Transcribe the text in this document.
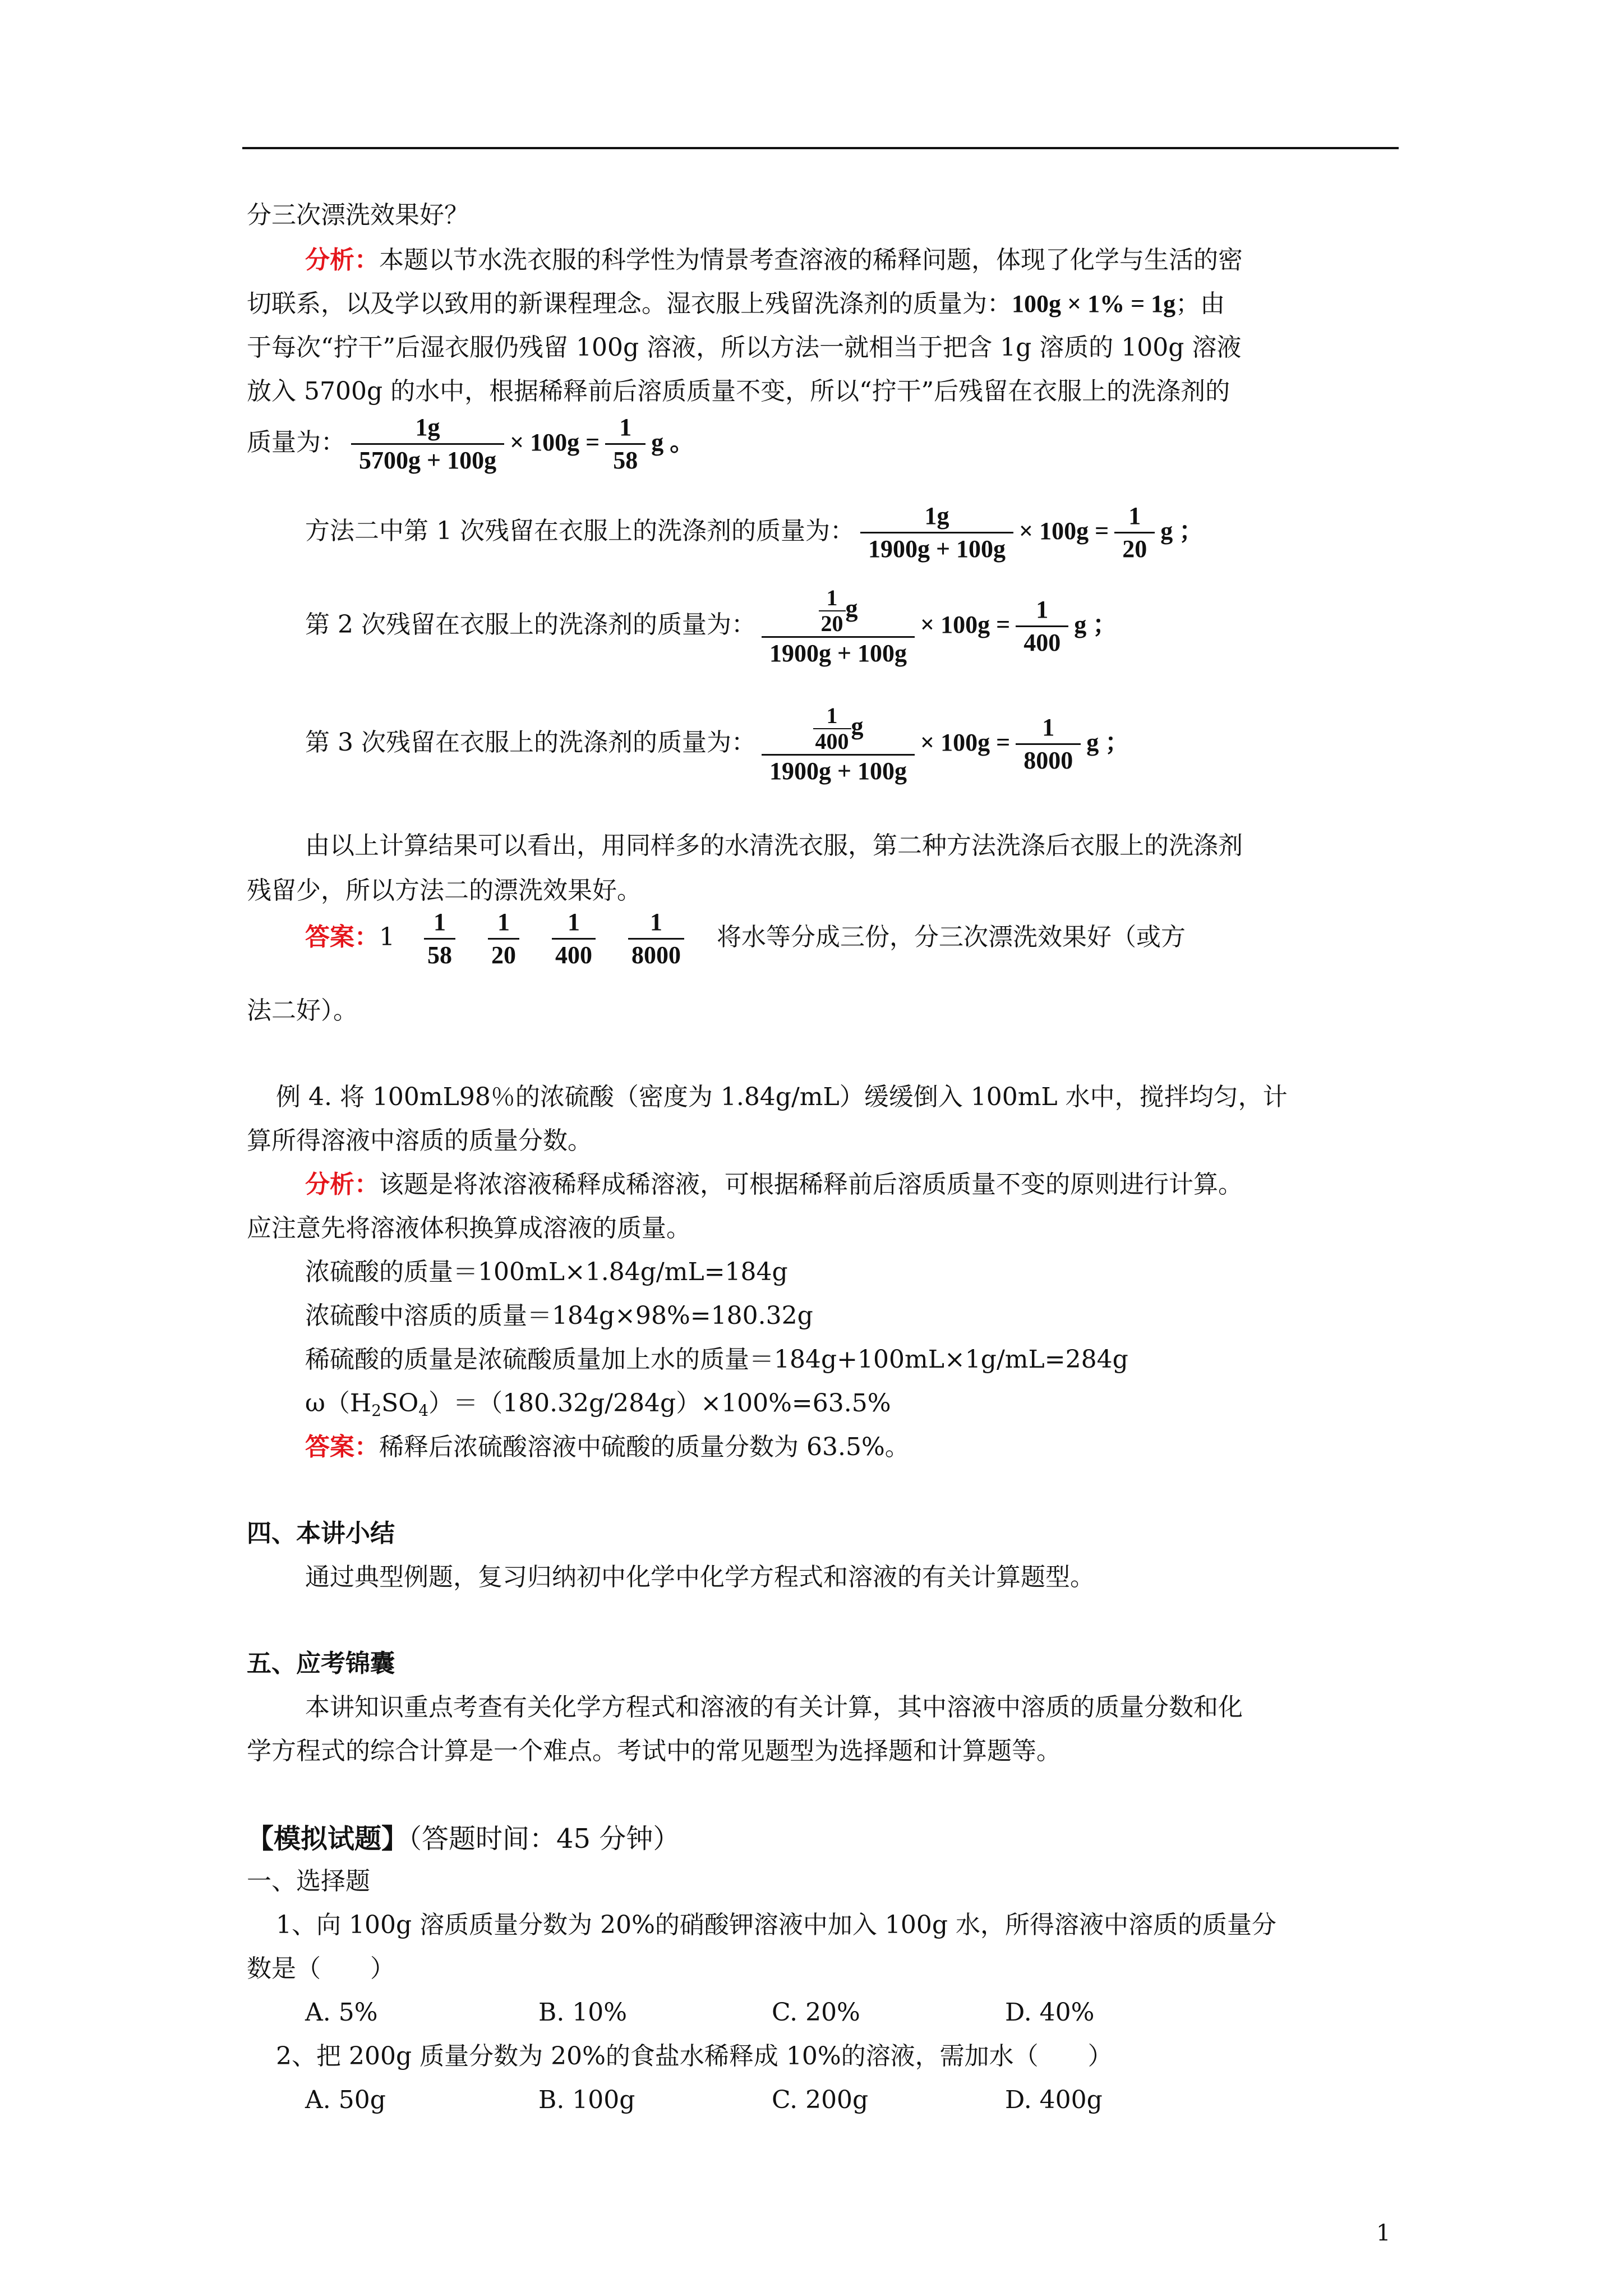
分三次漂洗效果好？
分析：本题以节水洗衣服的科学性为情景考查溶液的稀释问题，体现了化学与生活的密
切联系，以及学以致用的新课程理念。湿衣服上残留洗涤剂的质量为：100g × 1% = 1g；由
于每次“拧干”后湿衣服仍残留 100g 溶液，所以方法一就相当于把含 1g 溶质的 100g 溶液
放入 5700g 的水中，根据稀释前后溶质质量不变，所以“拧干”后残留在衣服上的洗涤剂的
质量为： $\frac{1g}{5700g + 100g} \times 100g = \frac{1}{58}$ g 。
方法二中第 1 次残留在衣服上的洗涤剂的质量为： $\frac{1g}{1900g + 100g} \times 100g = \frac{1}{20}$ g ；
第 2 次残留在衣服上的洗涤剂的质量为： $\frac{\frac{1}{20} g}{1900g + 100g} \times 100g = \frac{1}{400}$ g ；
第 3 次残留在衣服上的洗涤剂的质量为： $\frac{\frac{1}{400} g}{1900g + 100g} \times 100g = \frac{1}{8000}$ g ；
由以上计算结果可以看出，用同样多的水清洗衣服，第二种方法洗涤后衣服上的洗涤剂
残留少，所以方法二的漂洗效果好。
答案：$1 \frac{1}{58} \frac{1}{20} \frac{1}{400} \frac{1}{8000}$ 将水等分成三份，分三次漂洗效果好（或方
法二好）。
例 4. 将 100mL98％的浓硫酸（密度为 1.84g/mL）缓缓倒入 100mL 水中，搅拌均匀，计
算所得溶液中溶质的质量分数。
分析：该题是将浓溶液稀释成稀溶液，可根据稀释前后溶质质量不变的原则进行计算。
应注意先将溶液体积换算成溶液的质量。
浓硫酸的质量＝100mL×1.84g/mL=184g
浓硫酸中溶质的质量＝184g×98%=180.32g
稀硫酸的质量是浓硫酸质量加上水的质量＝184g+100mL×1g/mL=284g
$\omega(H_2SO_4)=(180.32g/284g)\times 100\%=63.5\%$
答案：稀释后浓硫酸溶液中硫酸的质量分数为 63.5%。
四、本讲小结
通过典型例题，复习归纳初中化学中化学方程式和溶液的有关计算题型。
五、应考锦囊
本讲知识重点考查有关化学方程式和溶液的有关计算，其中溶液中溶质的质量分数和化
学方程式的综合计算是一个难点。考试中的常见题型为选择题和计算题等。
【模拟试题】（答题时间：45 分钟）
一、选择题
1、向 100g 溶质质量分数为 20%的硝酸钾溶液中加入 100g 水，所得溶液中溶质的质量分
数是（　　）
A. 5%	B. 10%	C. 20%	D. 40%
2、把 200g 质量分数为 20%的食盐水稀释成 10%的溶液，需加水（　　）
A. 50g	B. 100g	C. 200g	D. 400g
1
